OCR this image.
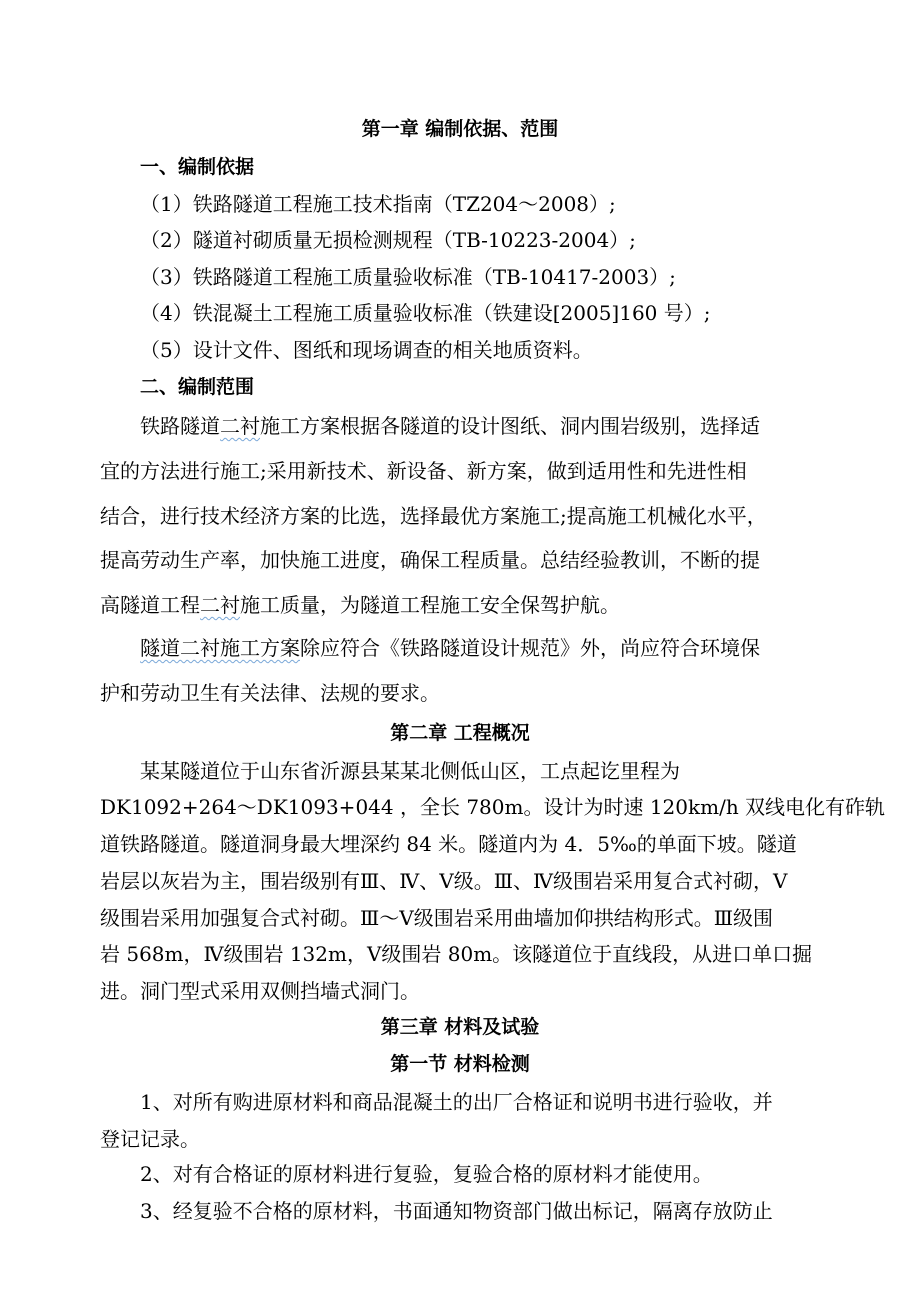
第一章 编制依据、范围
一、编制依据
（1）铁路隧道工程施工技术指南（TZ204～2008）;
（2）隧道衬砌质量无损检测规程（TB-10223-2004）;
（3）铁路隧道工程施工质量验收标准（TB-10417-2003）;
（4）铁混凝土工程施工质量验收标准（铁建设[2005]160 号）;
（5）设计文件、图纸和现场调查的相关地质资料。
二、编制范围
铁路隧道二衬施工方案根据各隧道的设计图纸、洞内围岩级别，选择适
宜的方法进行施工;采用新技术、新设备、新方案，做到适用性和先进性相
结合，进行技术经济方案的比选，选择最优方案施工;提高施工机械化水平，
提高劳动生产率，加快施工进度，确保工程质量。总结经验教训，不断的提
高隧道工程二衬施工质量，为隧道工程施工安全保驾护航。
隧道二衬施工方案除应符合《铁路隧道设计规范》外，尚应符合环境保
护和劳动卫生有关法律、法规的要求。
第二章 工程概况
某某隧道位于山东省沂源县某某北侧低山区，工点起讫里程为
DK1092+264～DK1093+044 ，全长 780m。设计为时速 120km/h 双线电化有砟轨
道铁路隧道。隧道洞身最大埋深约 84 米。隧道内为 4．5‰的单面下坡。隧道
岩层以灰岩为主，围岩级别有Ⅲ、Ⅳ、Ⅴ级。Ⅲ、Ⅳ级围岩采用复合式衬砌，Ⅴ
级围岩采用加强复合式衬砌。Ⅲ～Ⅴ级围岩采用曲墙加仰拱结构形式。Ⅲ级围
岩 568m，Ⅳ级围岩 132m，Ⅴ级围岩 80m。该隧道位于直线段，从进口单口掘
进。洞门型式采用双侧挡墙式洞门。
第三章 材料及试验
第一节 材料检测
1、对所有购进原材料和商品混凝土的出厂合格证和说明书进行验收，并
登记记录。
2、对有合格证的原材料进行复验，复验合格的原材料才能使用。
3、经复验不合格的原材料，书面通知物资部门做出标记，隔离存放防止
